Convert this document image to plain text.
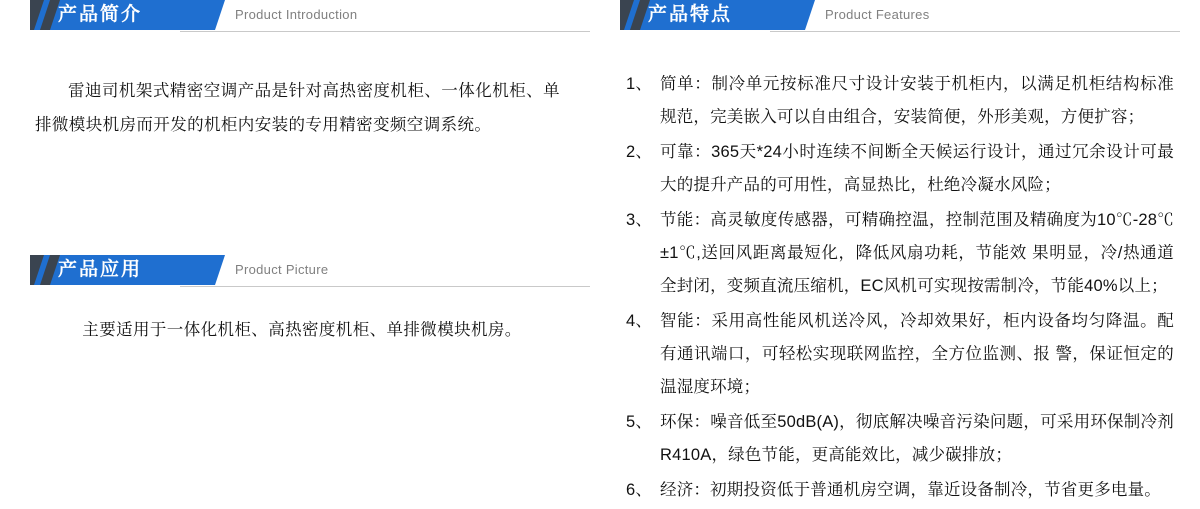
产品简介	Product Introduction

雷迪司机架式精密空调产品是针对高热密度机柜、一体化机柜、单排微模块机房而开发的机柜内安装的专用精密变频空调系统。

产品应用	Product Picture

主要适用于一体化机柜、高热密度机柜、单排微模块机房。

产品特点	Product Features
1、 简单：制冷单元按标准尺寸设计安装于机柜内，以满足机柜结构标准规范，完美嵌入可以自由组合，安装简便，外形美观，方便扩容；
2、 可靠：365天*24小时连续不间断全天候运行设计，通过冗余设计可最大的提升产品的可用性，高显热比，杜绝冷凝水风险；
3、 节能：高灵敏度传感器，可精确控温，控制范围及精确度为10℃-28℃±1℃,送回风距离最短化，降低风扇功耗，节能效 果明显，冷/热通道全封闭，变频直流压缩机，EC风机可实现按需制冷，节能40%以上；
4、 智能：采用高性能风机送冷风，冷却效果好，柜内设备均匀降温。配有通讯端口，可轻松实现联网监控，全方位监测、报 警，保证恒定的温湿度环境；
5、 环保：噪音低至50dB(A)，彻底解决噪音污染问题，可采用环保制冷剂R410A，绿色节能，更高能效比，减少碳排放；
6、 经济：初期投资低于普通机房空调，靠近设备制冷，节省更多电量。
